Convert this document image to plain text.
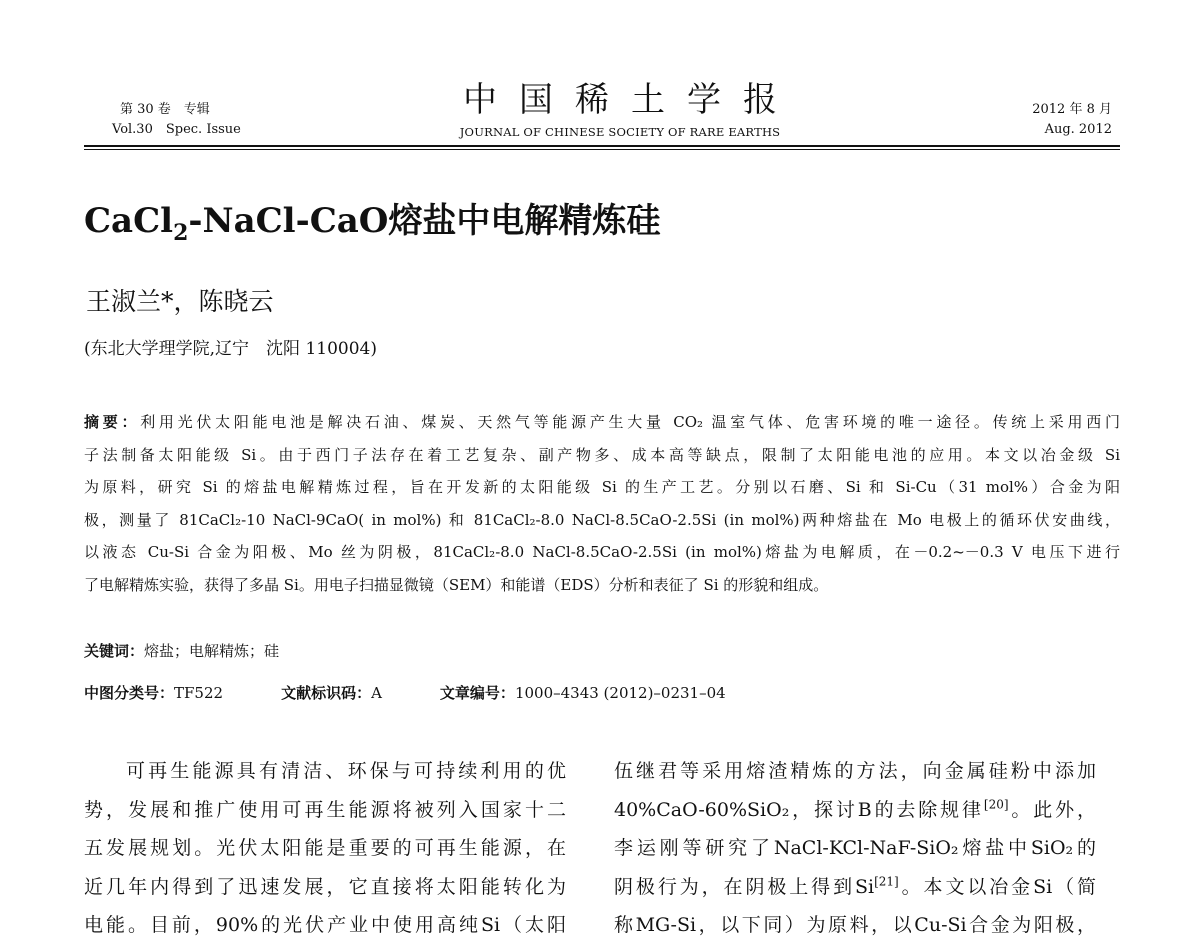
第 30 卷　专辑
Vol.30　Spec. Issue
中国稀土学报
JOURNAL OF CHINESE SOCIETY OF RARE EARTHS
2012 年 8 月
Aug. 2012
CaCl$_2$-NaCl-CaO熔盐中电解精炼硅
王淑兰*，陈晓云
(东北大学理学院,辽宁　沈阳 110004)

摘要：利用光伏太阳能电池是解决石油、煤炭、天然气等能源产生大量 CO₂ 温室气体、危害环境的唯一途径。传统上采用西门

子法制备太阳能级 Si。由于西门子法存在着工艺复杂、副产物多、成本高等缺点，限制了太阳能电池的应用。本文以冶金级 Si

为原料，研究 Si 的熔盐电解精炼过程，旨在开发新的太阳能级 Si 的生产工艺。分别以石磨、Si 和 Si-Cu（31 mol%）合金为阳

极，测量了 81CaCl₂-10 NaCl-9CaO( in mol%) 和 81CaCl₂-8.0 NaCl-8.5CaO-2.5Si (in mol%)两种熔盐在 Mo 电极上的循环伏安曲线，

以液态 Cu-Si 合金为阳极、Mo 丝为阴极，81CaCl₂-8.0 NaCl-8.5CaO-2.5Si (in mol%)熔盐为电解质，在－0.2~－0.3 V 电压下进行

了电解精炼实验，获得了多晶 Si。用电子扫描显微镜（SEM）和能谱（EDS）分析和表征了 Si 的形貌和组成。

关键词：熔盐；电解精炼；硅
中图分类号：TF522	文献标识码：A	文章编号：1000–4343 (2012)–0231–04
可再生能源具有清洁、环保与可持续利用的优
势，发展和推广使用可再生能源将被列入国家十二
五发展规划。光伏太阳能是重要的可再生能源，在
近几年内得到了迅速发展，它直接将太阳能转化为
电能。目前，90%的光伏产业中使用高纯Si（太阳
伍继君等采用熔渣精炼的方法，向金属硅粉中添加
40%CaO-60%SiO₂，探讨B的去除规律[20]。此外，
李运刚等研究了NaCl-KCl-NaF-SiO₂熔盐中SiO₂的
阴极行为，在阴极上得到Si[21]。本文以冶金Si（简
称MG-Si，以下同）为原料，以Cu-Si合金为阳极，
